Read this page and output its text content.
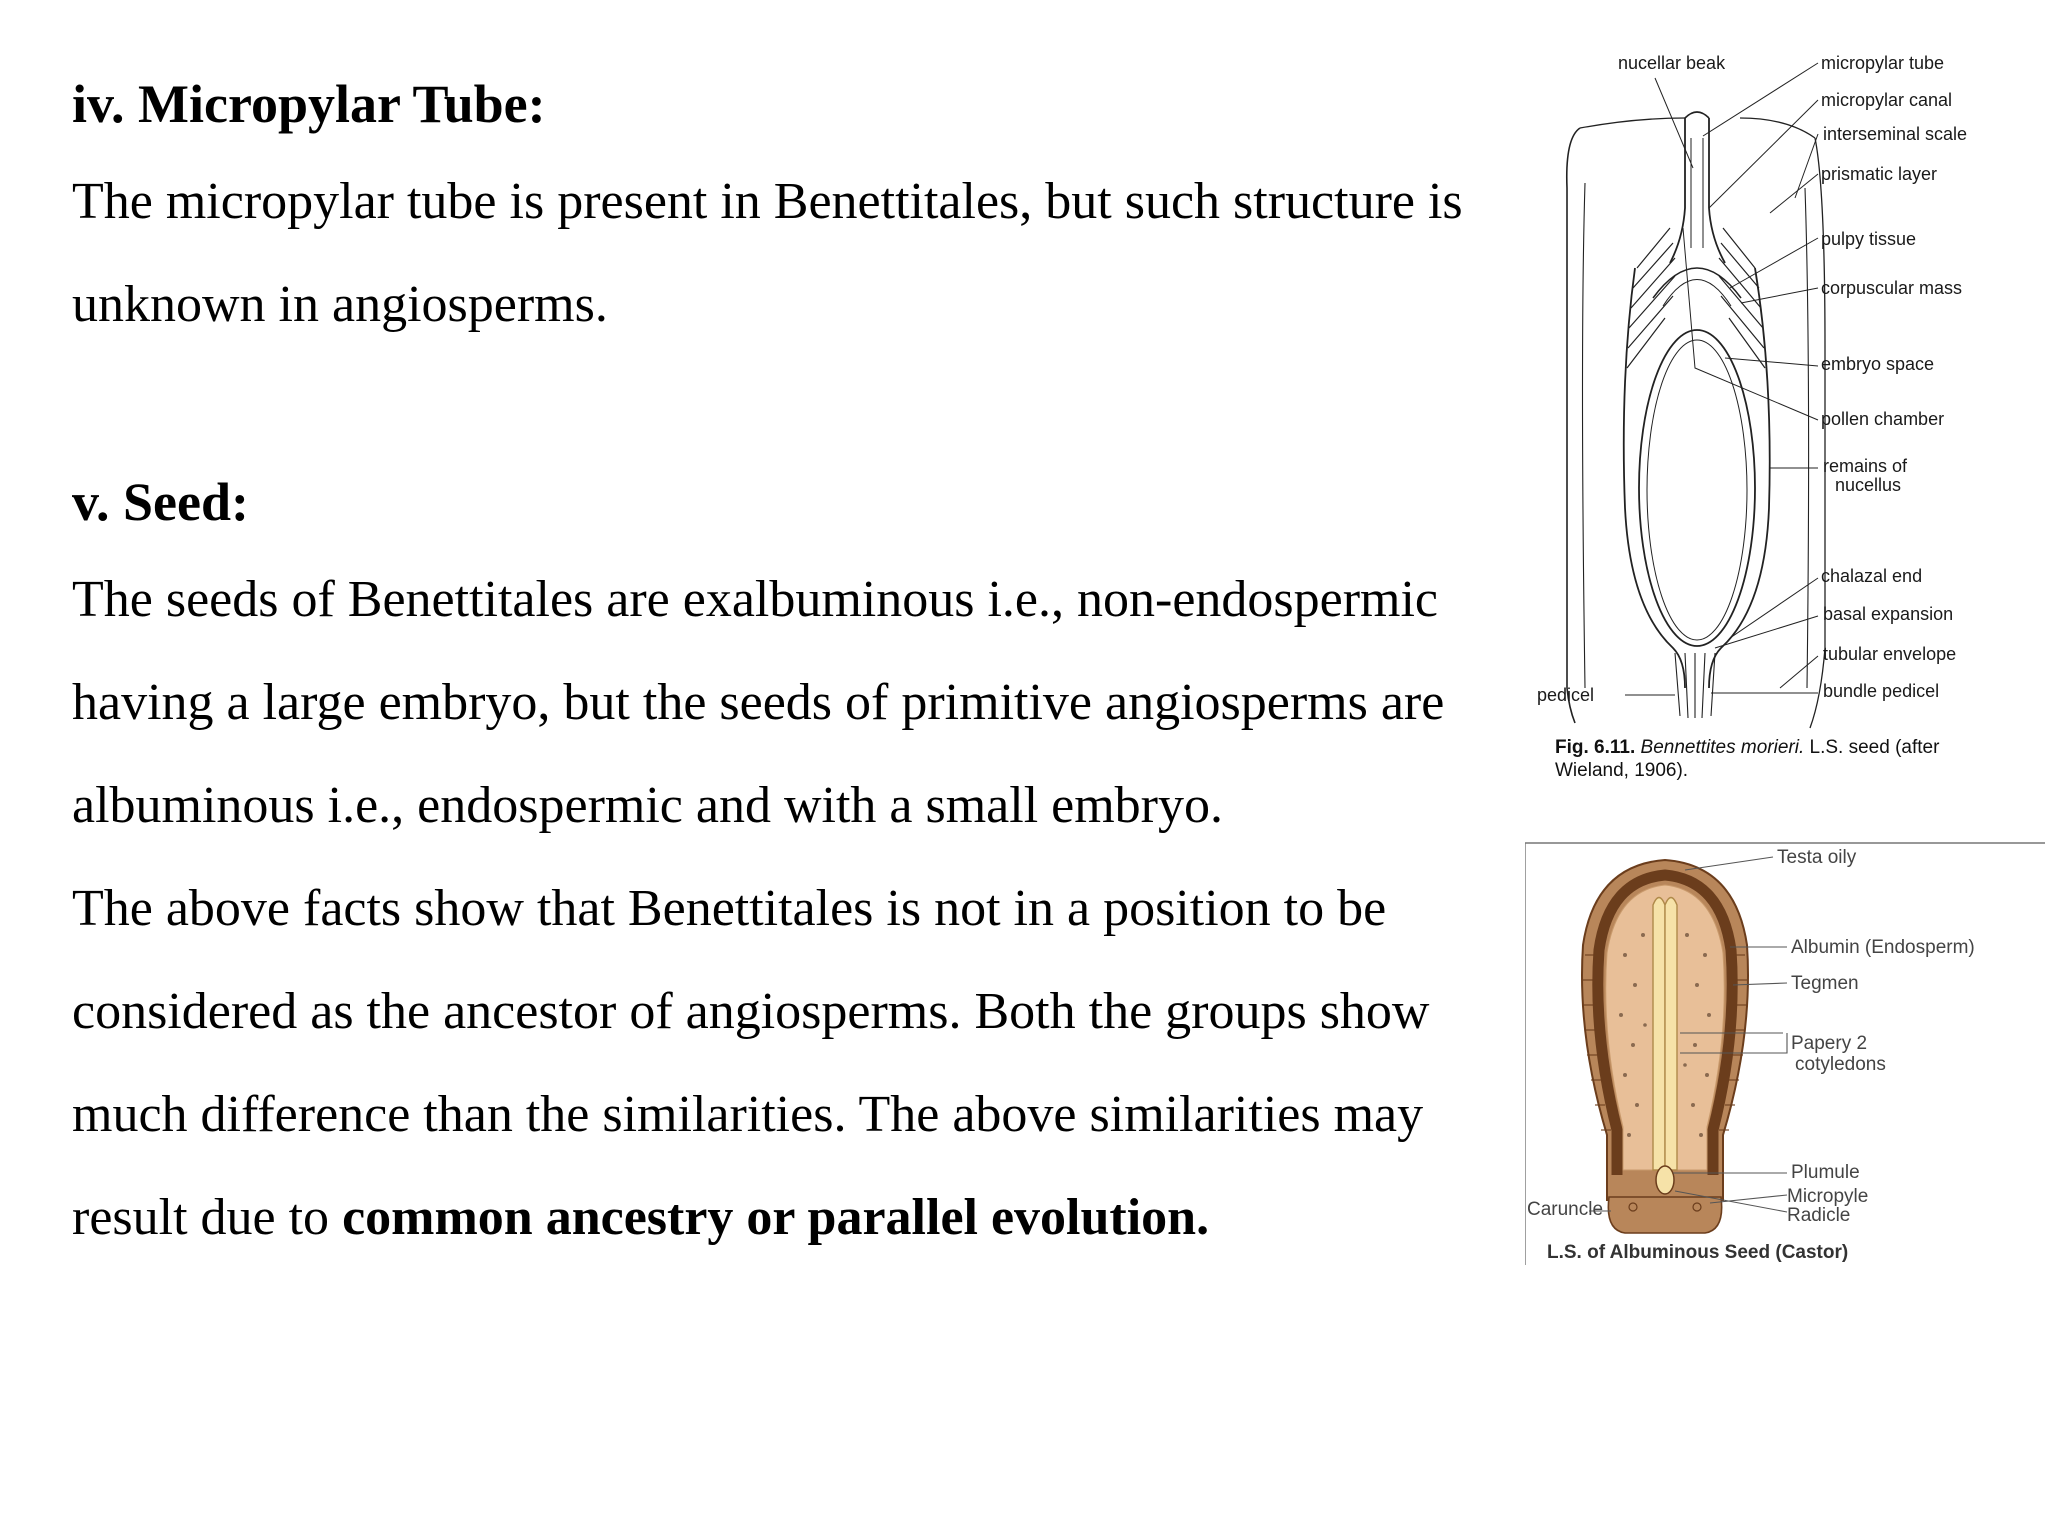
iv. Micropylar Tube:

The micropylar tube is present in Benettitales, but such structure is unknown in angiosperms.

v. Seed:

The seeds of Benettitales are exalbuminous i.e., non-endospermic having a large embryo, but the seeds of primitive angiosperms are albuminous i.e., endospermic and with a small embryo.

The above facts show that Benettitales is not in a position to be considered as the ancestor of angiosperms. Both the groups show much difference than the similarities. The above similarities may result due to common ancestry or parallel evolution.

nucellar beak	micropylar tube
micropylar canal
interseminal scale
prismatic layer
pulpy tissue
corpuscular mass
embryo space
pollen chamber
remains of
nucellus
chalazal end
basal expansion
tubular envelope
bundle pedicel
pedicel
Fig. 6.11. Bennettites morieri. L.S. seed (after
Wieland, 1906).
Testa oily
Albumin (Endosperm)
Tegmen
Papery 2
cotyledons
Plumule
Micropyle
Radicle
Caruncle
L.S. of Albuminous Seed (Castor)
